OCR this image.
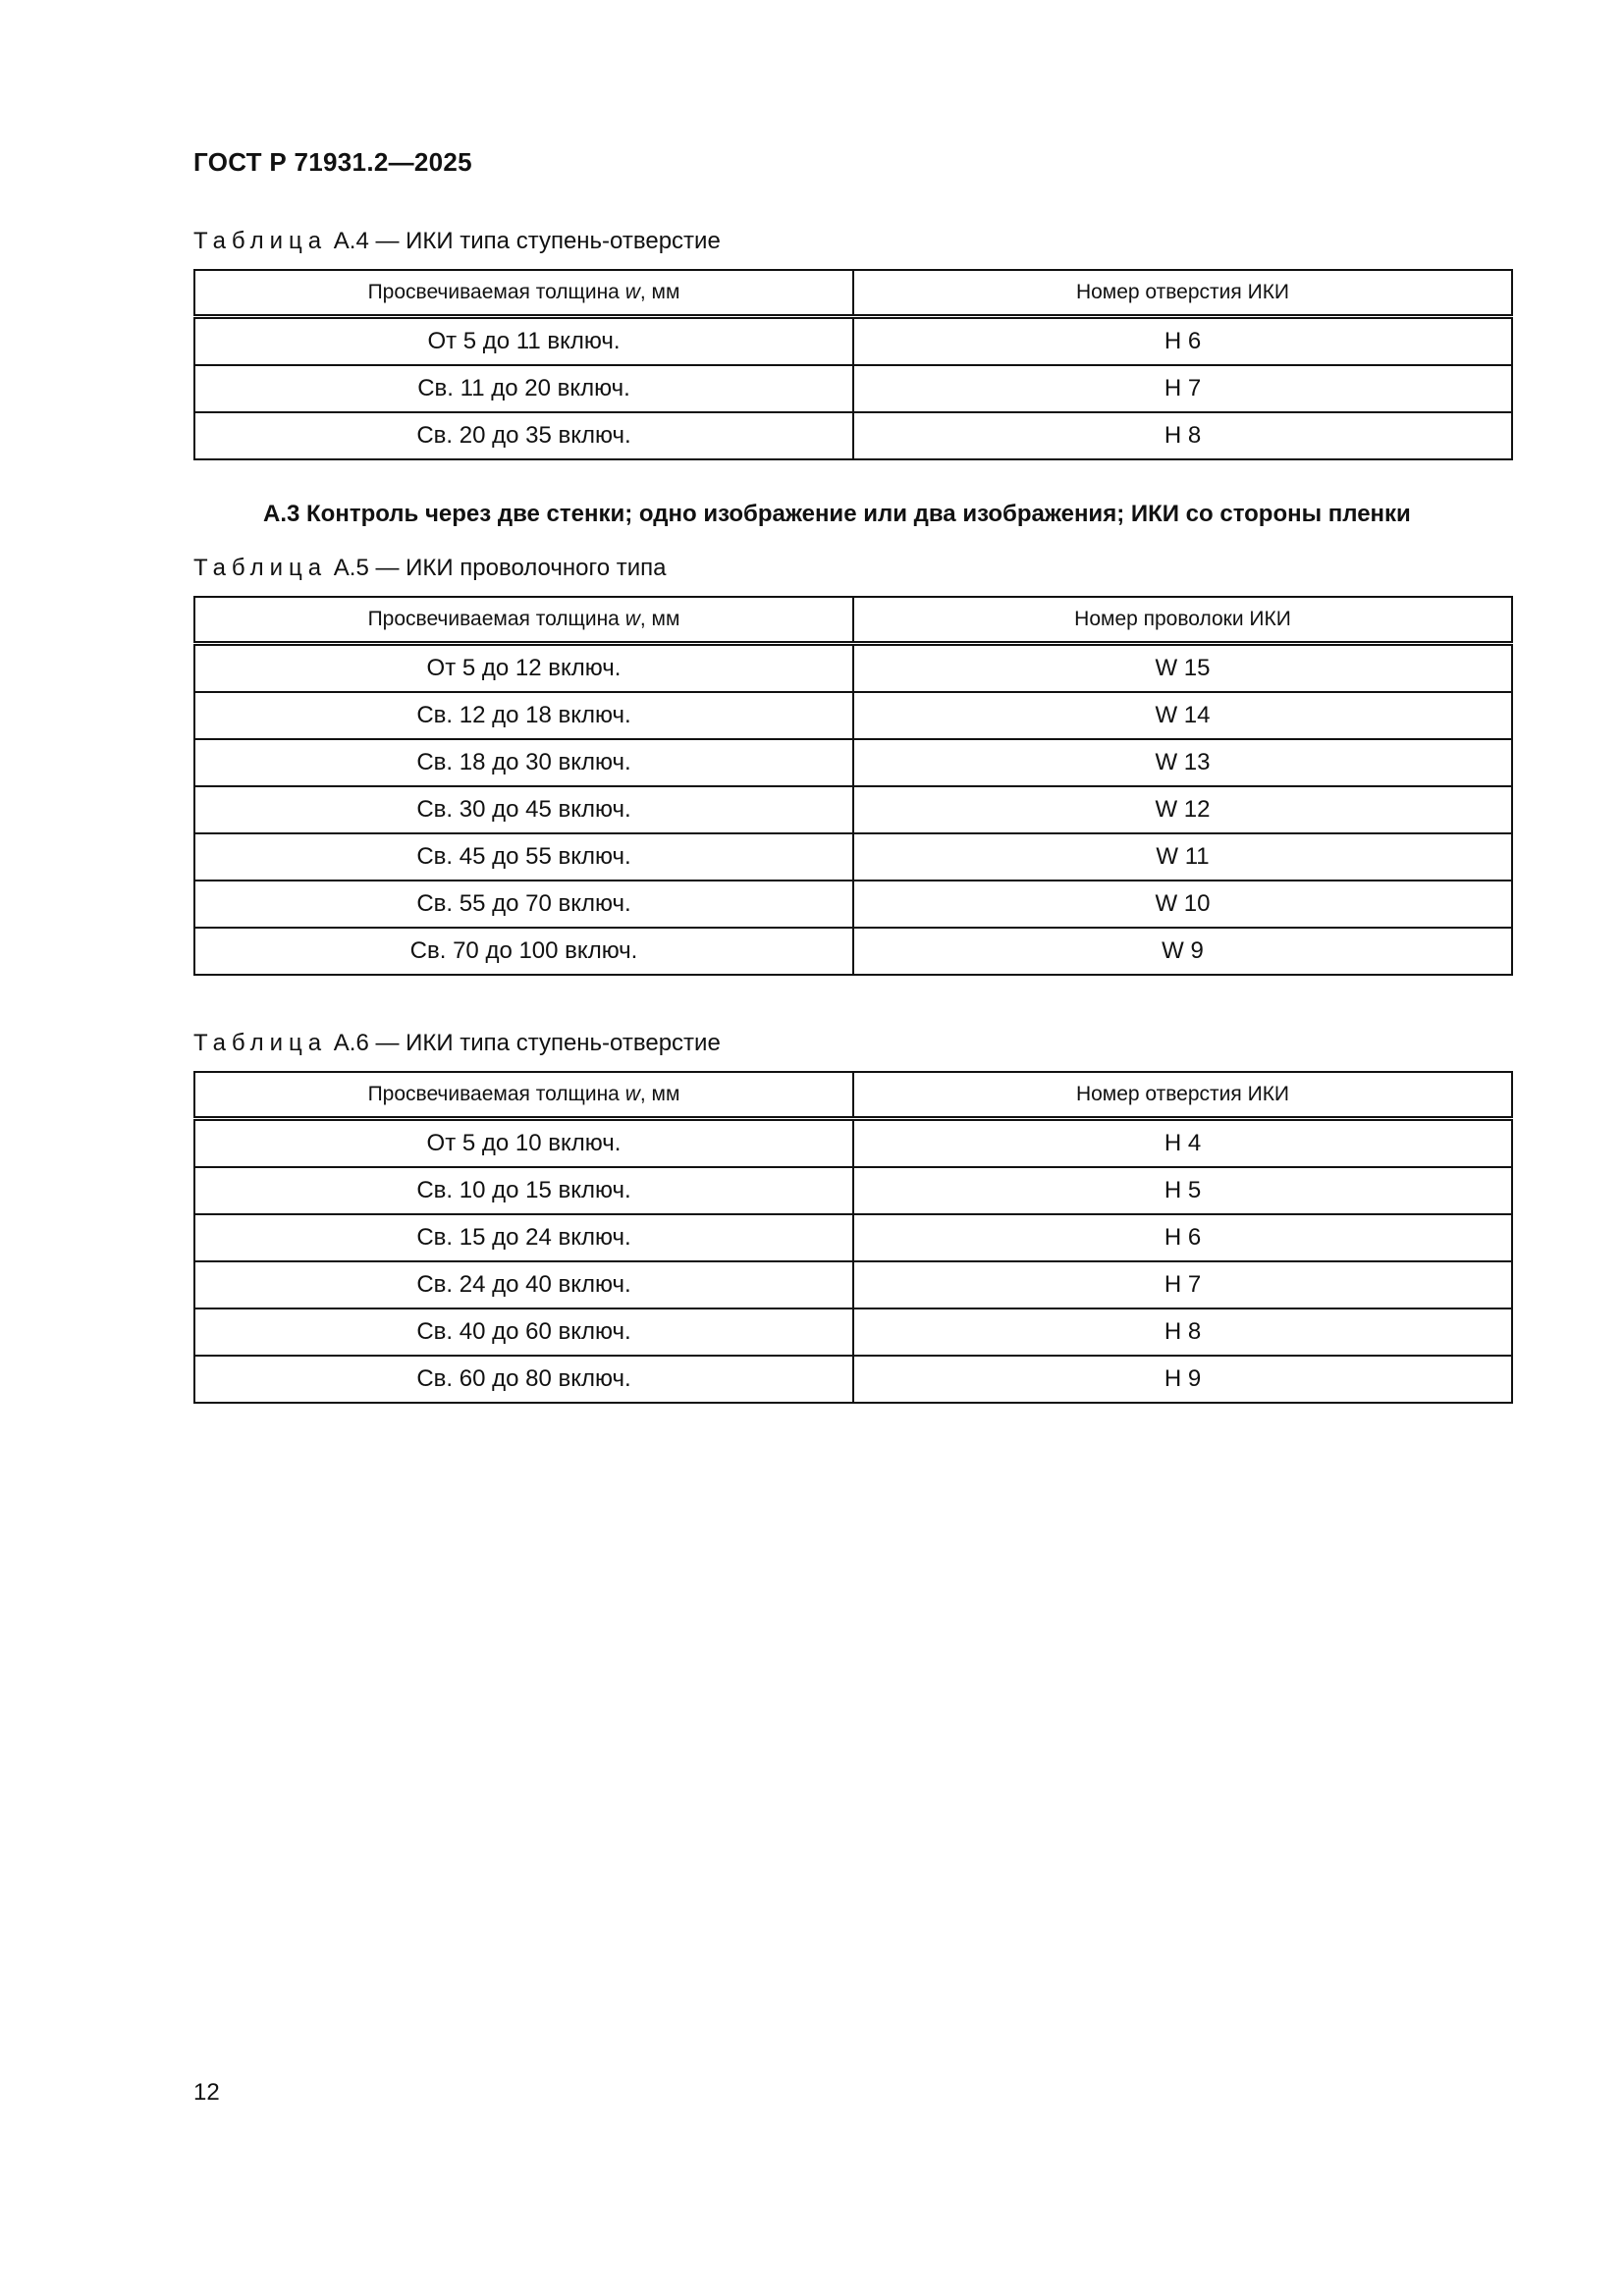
ГОСТ Р 71931.2—2025
Таблица А.4 — ИКИ типа ступень-отверстие
Просвечиваемая толщина w, мм	Номер отверстия ИКИ
От 5 до 11 включ.	Н 6
Св. 11 до 20 включ.	Н 7
Св. 20 до 35 включ.	Н 8
А.3 Контроль через две стенки; одно изображение или два изображения; ИКИ со стороны пленки
Таблица А.5 — ИКИ проволочного типа
Просвечиваемая толщина w, мм	Номер проволоки ИКИ
От 5 до 12 включ.	W 15
Св. 12 до 18 включ.	W 14
Св. 18 до 30 включ.	W 13
Св. 30 до 45 включ.	W 12
Св. 45 до 55 включ.	W 11
Св. 55 до 70 включ.	W 10
Св. 70 до 100 включ.	W 9
Таблица А.6 — ИКИ типа ступень-отверстие
Просвечиваемая толщина w, мм	Номер отверстия ИКИ
От 5 до 10 включ.	Н 4
Св. 10 до 15 включ.	Н 5
Св. 15 до 24 включ.	Н 6
Св. 24 до 40 включ.	Н 7
Св. 40 до 60 включ.	Н 8
Св. 60 до 80 включ.	Н 9
12
